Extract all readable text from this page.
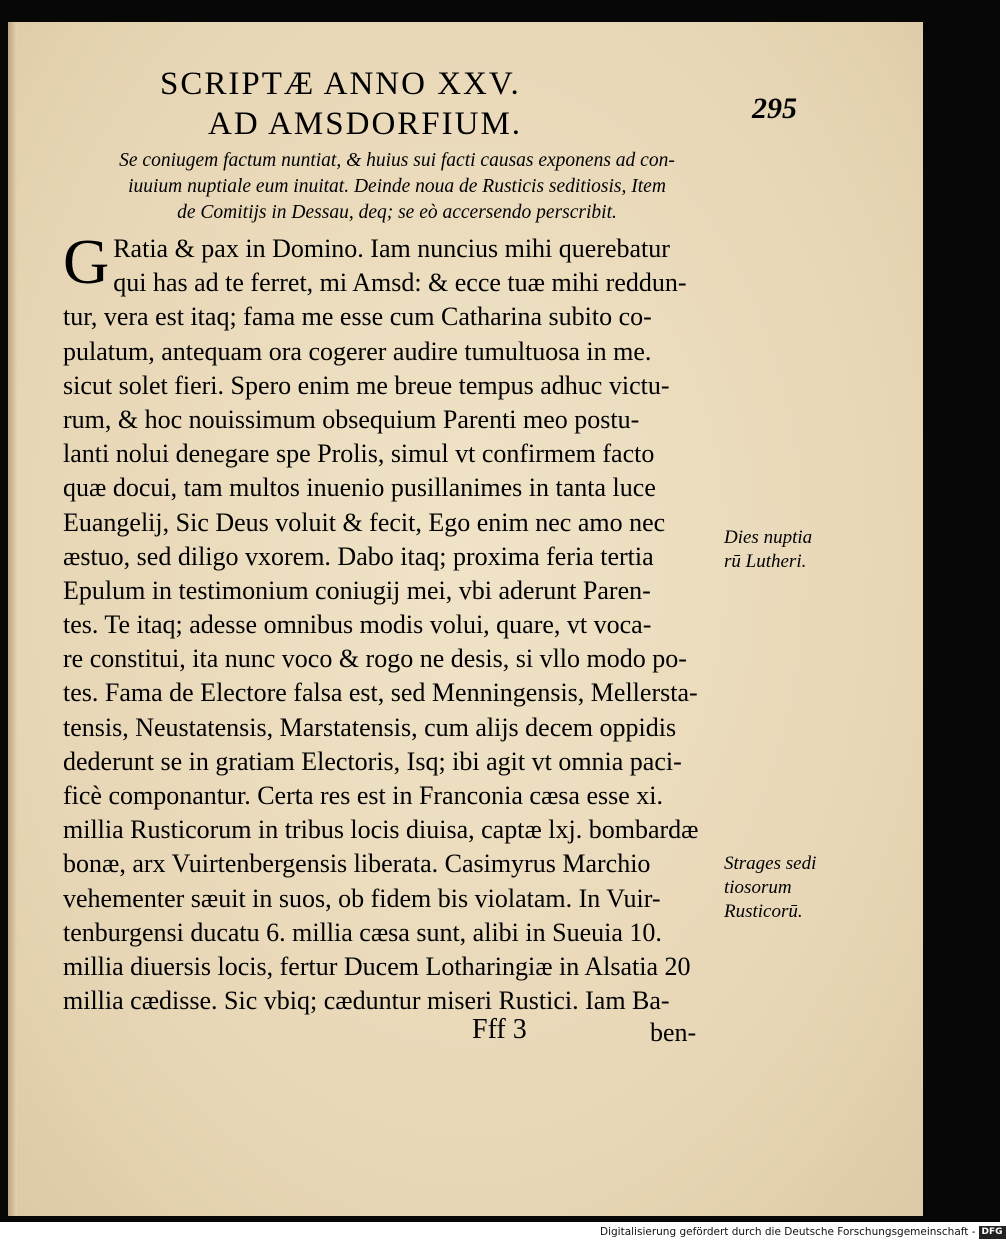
SCRIPTÆ ANNO XXV.
AD AMSDORFIUM.	295
Se coniugem factum nuntiat, & huius sui facti causas exponens ad con-
iuuium nuptiale eum inuitat. Deinde noua de Rusticis seditiosis, Item
de Comitijs in Dessau, deq; se eò accersendo perscribit.
G Ratia & pax in Domino. Iam nuncius mihi querebatur
qui has ad te ferret, mi Amsd: & ecce tuæ mihi reddun-
tur, vera est itaq; fama me esse cum Catharina subito co-
pulatum, antequam ora cogerer audire tumultuosa in me.
sicut solet fieri. Spero enim me breue tempus adhuc victu-
rum, & hoc nouissimum obsequium Parenti meo postu-
lanti nolui denegare spe Prolis, simul vt confirmem facto
quæ docui, tam multos inuenio pusillanimes in tanta luce
Euangelij, Sic Deus voluit & fecit, Ego enim nec amo nec
æstuo, sed diligo vxorem. Dabo itaq; proxima feria tertia
Epulum in testimonium coniugij mei, vbi aderunt Paren-
tes. Te itaq; adesse omnibus modis volui, quare, vt voca-
re constitui, ita nunc voco & rogo ne desis, si vllo modo po-
tes. Fama de Electore falsa est, sed Menningensis, Mellersta-
tensis, Neustatensis, Marstatensis, cum alijs decem oppidis
dederunt se in gratiam Electoris, Isq; ibi agit vt omnia paci-
ficè componantur. Certa res est in Franconia cæsa esse xi.
millia Rusticorum in tribus locis diuisa, captæ lxj. bombardæ
bonæ, arx Vuirtenbergensis liberata. Casimyrus Marchio
vehementer sæuit in suos, ob fidem bis violatam. In Vuir-
tenburgensi ducatu 6. millia cæsa sunt, alibi in Sueuia 10.
millia diuersis locis, fertur Ducem Lotharingiæ in Alsatia 20
millia cædisse. Sic vbiq; cæduntur miseri Rustici. Iam Ba-
Dies nuptia
rū Lutheri.
Strages sedi
tiosorum
Rusticorū.
Fff 3	ben-
Digitalisierung gefördert durch die Deutsche Forschungsgemeinschaft - DFG
